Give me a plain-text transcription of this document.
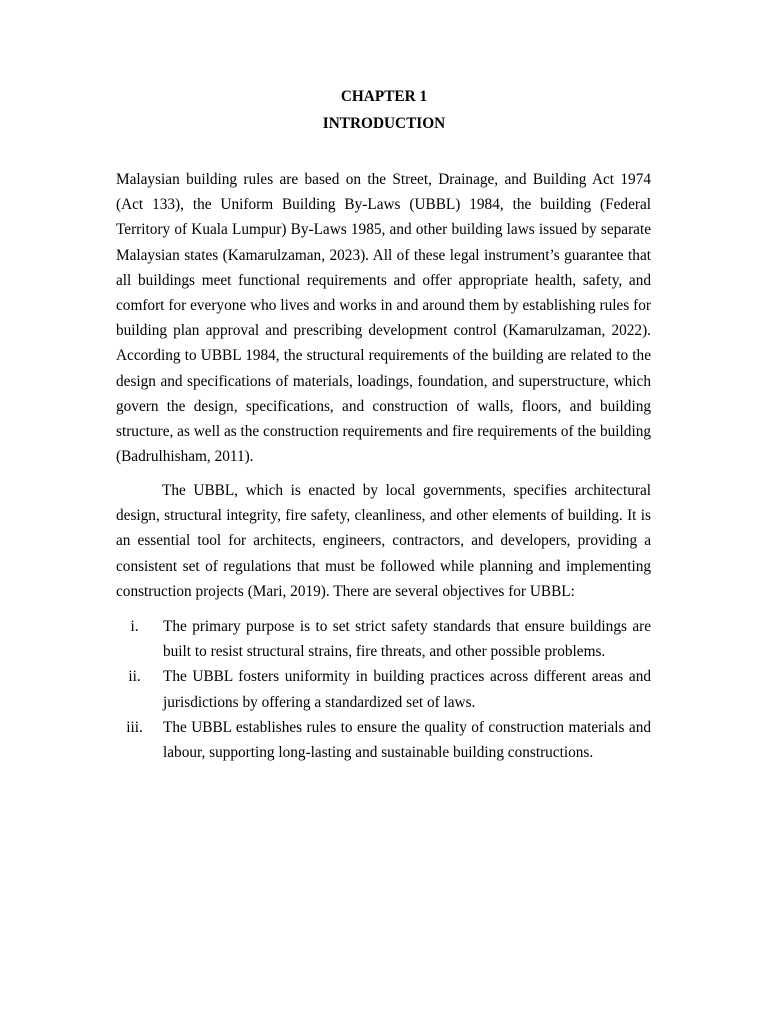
CHAPTER 1
INTRODUCTION

Malaysian building rules are based on the Street, Drainage, and Building Act 1974 (Act 133), the Uniform Building By-Laws (UBBL) 1984, the building (Federal Territory of Kuala Lumpur) By-Laws 1985, and other building laws issued by separate Malaysian states (Kamarulzaman, 2023). All of these legal instrument’s guarantee that all buildings meet functional requirements and offer appropriate health, safety, and comfort for everyone who lives and works in and around them by establishing rules for building plan approval and prescribing development control (Kamarulzaman, 2022). According to UBBL 1984, the structural requirements of the building are related to the design and specifications of materials, loadings, foundation, and superstructure, which govern the design, specifications, and construction of walls, floors, and building structure, as well as the construction requirements and fire requirements of the building (Badrulhisham, 2011).

The UBBL, which is enacted by local governments, specifies architectural design, structural integrity, fire safety, cleanliness, and other elements of building. It is an essential tool for architects, engineers, contractors, and developers, providing a consistent set of regulations that must be followed while planning and implementing construction projects (Mari, 2019). There are several objectives for UBBL:

i.	The primary purpose is to set strict safety standards that ensure buildings are built to resist structural strains, fire threats, and other possible problems.
ii.	The UBBL fosters uniformity in building practices across different areas and jurisdictions by offering a standardized set of laws.
iii.	The UBBL establishes rules to ensure the quality of construction materials and labour, supporting long-lasting and sustainable building constructions.
